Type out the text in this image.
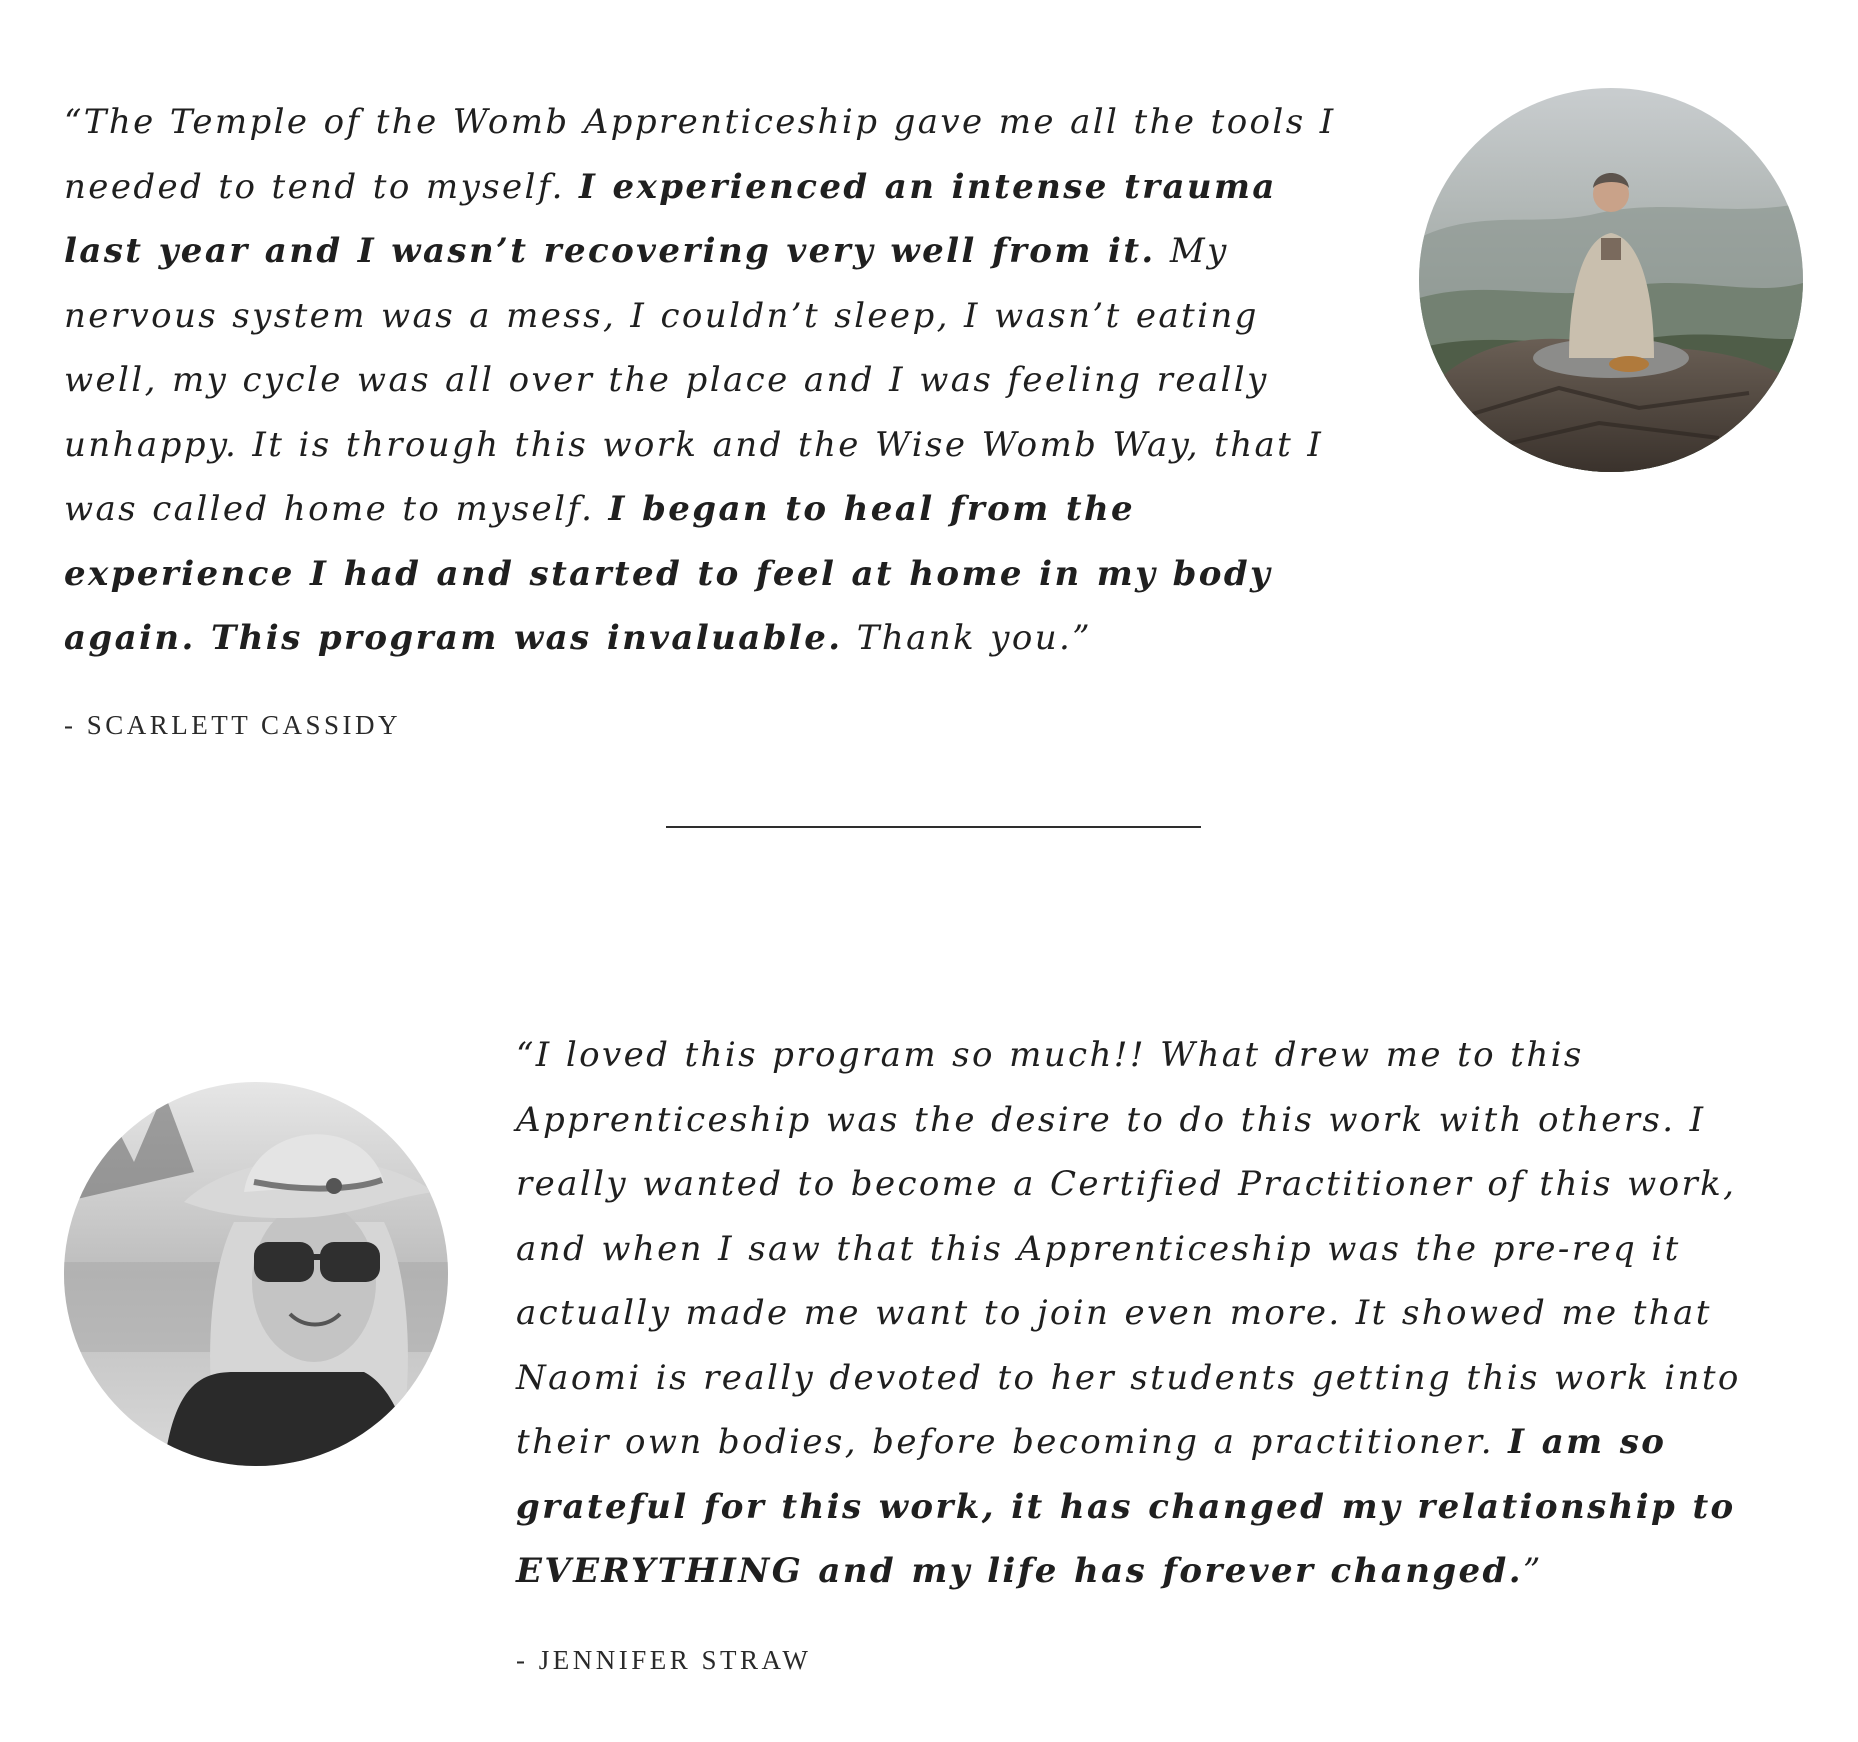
“The Temple of the Womb Apprenticeship gave me all the tools I needed to tend to myself. I experienced an intense trauma last year and I wasn’t recovering very well from it. My nervous system was a mess, I couldn’t sleep, I wasn’t eating well, my cycle was all over the place and I was feeling really unhappy. It is through this work and the Wise Womb Way, that I was called home to myself. I began to heal from the experience I had and started to feel at home in my body again. This program was invaluable. Thank you.”

- SCARLETT CASSIDY

“I loved this program so much!! What drew me to this Apprenticeship was the desire to do this work with others. I really wanted to become a Certified Practitioner of this work, and when I saw that this Apprenticeship was the pre-req it actually made me want to join even more. It showed me that Naomi is really devoted to her students getting this work into their own bodies, before becoming a practitioner. I am so grateful for this work, it has changed my relationship to EVERYTHING and my life has forever changed.”

- JENNIFER STRAW
